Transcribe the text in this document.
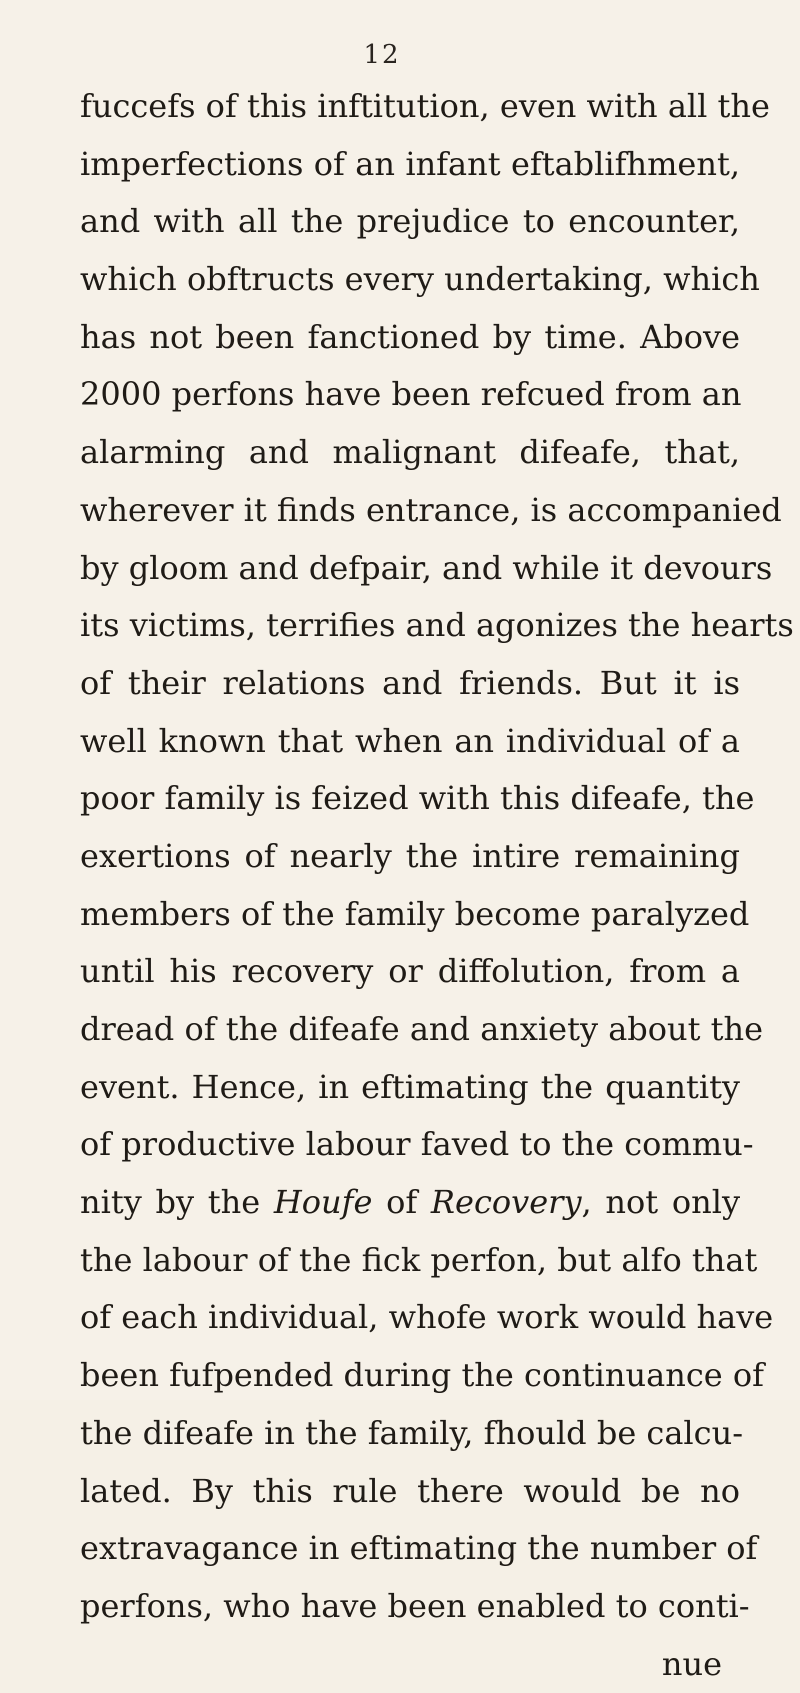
12
fuccefs of this inftitution, even with all the
imperfections of an infant eftablifhment,
and with all the prejudice to encounter,
which obftructs every undertaking, which
has not been fanctioned by time. Above
2000 perfons have been refcued from an
alarming and malignant difeafe, that,
wherever it finds entrance, is accompanied
by gloom and defpair, and while it devours
its victims, terrifies and agonizes the hearts
of their relations and friends. But it is
well known that when an individual of a
poor family is feized with this difeafe, the
exertions of nearly the intire remaining
members of the family become paralyzed
until his recovery or diffolution, from a
dread of the difeafe and anxiety about the
event. Hence, in eftimating the quantity
of productive labour faved to the commu-
nity by the Houfe of Recovery, not only
the labour of the fick perfon, but alfo that
of each individual, whofe work would have
been fufpended during the continuance of
the difeafe in the family, fhould be calcu-
lated. By this rule there would be no
extravagance in eftimating the number of
perfons, who have been enabled to conti-
nue
